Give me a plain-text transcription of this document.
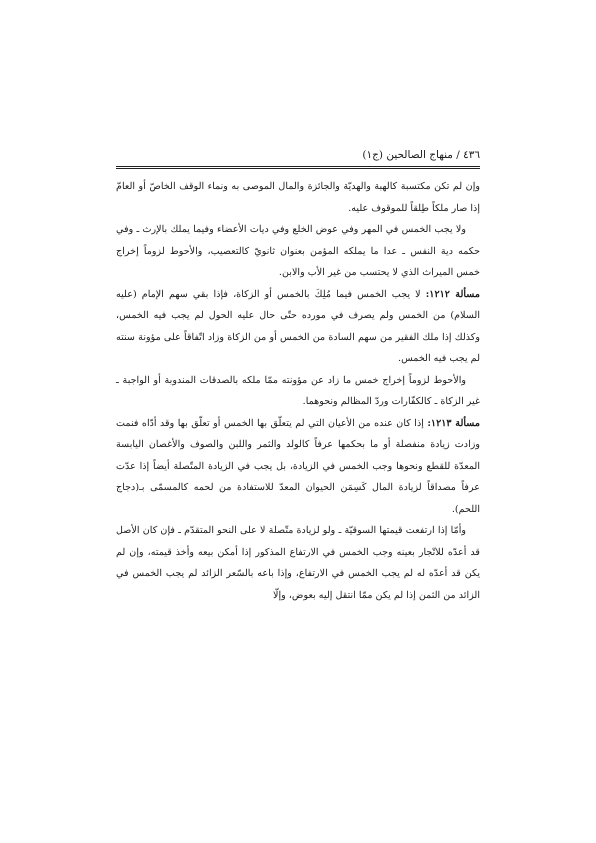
٤٣٦ / منهاج الصالحين (ج١)

وإن لم تكن مكتسبة كالهبة والهديّة والجائزة والمال الموصى به ونماء الوقف الخاصّ أو العامّ إذا صار ملكاً طِلقاً للموقوف عليه.

ولا يجب الخمس في المهر وفي عوض الخلع وفي ديات الأعضاء وفيما يملك بالإرث ـ وفي حكمه دية النفس ـ عدا ما يملكه المؤمن بعنوان ثانويّ كالتعصيب، والأحوط لزوماً إخراج خمس الميراث الذي لا يحتسب من غير الأب والابن.

مسألة ١٢١٢: لا يجب الخمس فيما مُلِكَ بالخمس أو الزكاة، فإذا بقي سهم الإمام (عليه السلام) من الخمس ولم يصرف في مورده حتّى حال عليه الحول لم يجب فيه الخمس، وكذلك إذا ملك الفقير من سهم السادة من الخمس أو من الزكاة وزاد اتّفاقاً على مؤونة سنته لم يجب فيه الخمس.

والأحوط لزوماً إخراج خمس ما زاد عن مؤونته ممّا ملكه بالصدقات المندوبة أو الواجبة ـ غير الزكاة ـ كالكفّارات وردّ المظالم ونحوهما.

مسألة ١٢١٣: إذا كان عنده من الأعيان التي لم يتعلّق بها الخمس أو تعلّق بها وقد أدّاه فنمت وزادت زيادة منفصلة أو ما بحكمها عرفاً كالولد والثمر واللبن والصوف والأغصان اليابسة المعدّة للقطع ونحوها وجب الخمس في الزيادة، بل يجب في الزيادة المتّصلة أيضاً إذا عدّت عرفاً مصداقاً لزيادة المال كَسِمَن الحيوان المعدّ للاستفادة من لحمه كالمسمّى بـ(دجاج اللحم).

وأمّا إذا ارتفعت قيمتها السوقيّة ـ ولو لزيادة متّصلة لا على النحو المتقدّم ـ فإن كان الأصل قد أعدّه للاتّجار بعينه وجب الخمس في الارتفاع المذكور إذا أمكن بيعه وأخذ قيمته، وإن لم يكن قد أعدّه له لم يجب الخمس في الارتفاع، وإذا باعه بالسّعر الزائد لم يجب الخمس في الزائد من الثمن إذا لم يكن ممّا انتقل إليه بعوض، وإلّا
